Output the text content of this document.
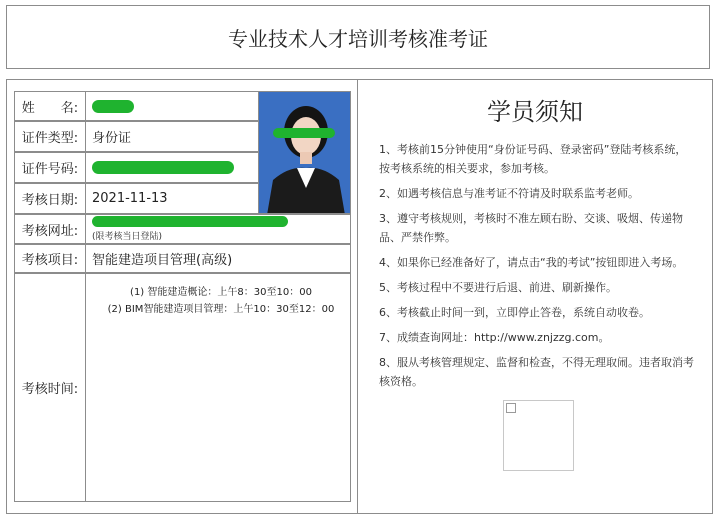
专业技术人才培训考核准考证
姓　　名:
证件类型:	身份证
证件号码:
考核日期:	2021-11-13
考核网址:	(限考核当日登陆)
考核项目:	智能建造项目管理(高级)
考核时间:
(1) 智能建造概论：上午8：30至10：00
(2) BIM智能建造项目管理：上午10：30至12：00
学员须知
1、考核前15分钟使用“身份证号码、登录密码”登陆考核系统，按考核系统的相关要求，参加考核。
2、如遇考核信息与准考证不符请及时联系监考老师。
3、遵守考核规则，考核时不准左顾右盼、交谈、吸烟、传递物品、严禁作弊。
4、如果你已经准备好了，请点击“我的考试”按钮即进入考场。
5、考核过程中不要进行后退、前进、刷新操作。
6、考核截止时间一到，立即停止答卷，系统自动收卷。
7、成绩查询网址：http://www.znjzzg.com。
8、服从考核管理规定、监督和检查，不得无理取闹。违者取消考核资格。
